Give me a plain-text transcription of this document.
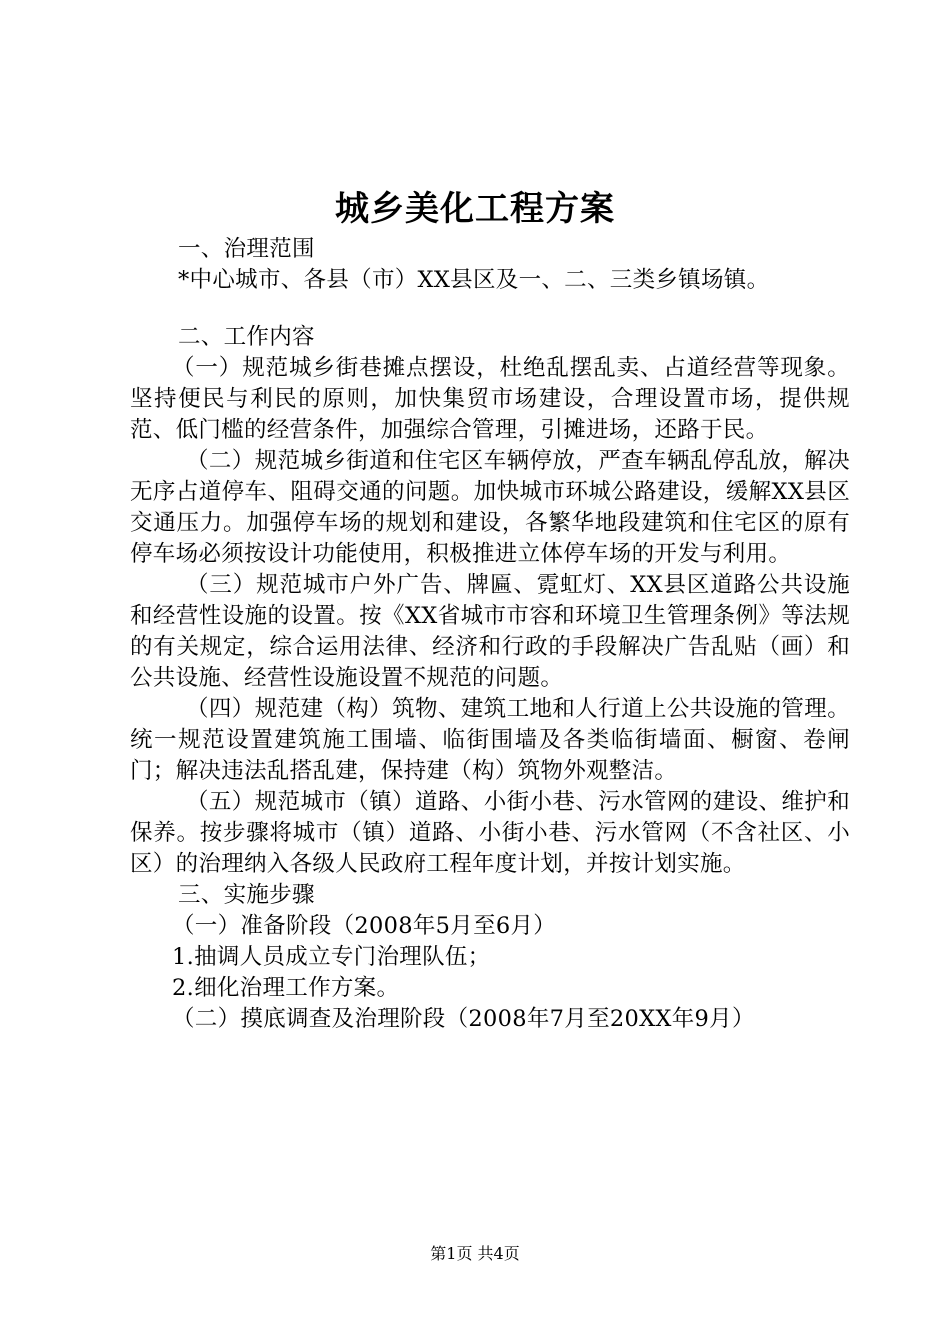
城乡美化工程方案

一、治理范围

*中心城市、各县（市）XX县区及一、二、三类乡镇场镇。

二、工作内容

（一）规范城乡街巷摊点摆设，杜绝乱摆乱卖、占道经营等现象。坚持便民与利民的原则，加快集贸市场建设，合理设置市场，提供规范、低门槛的经营条件，加强综合管理，引摊进场，还路于民。

（二）规范城乡街道和住宅区车辆停放，严查车辆乱停乱放，解决无序占道停车、阻碍交通的问题。加快城市环城公路建设，缓解XX县区交通压力。加强停车场的规划和建设，各繁华地段建筑和住宅区的原有停车场必须按设计功能使用，积极推进立体停车场的开发与利用。

（三）规范城市户外广告、牌匾、霓虹灯、XX县区道路公共设施和经营性设施的设置。按《XX省城市市容和环境卫生管理条例》等法规的有关规定，综合运用法律、经济和行政的手段解决广告乱贴（画）和公共设施、经营性设施设置不规范的问题。

（四）规范建（构）筑物、建筑工地和人行道上公共设施的管理。统一规范设置建筑施工围墙、临街围墙及各类临街墙面、橱窗、卷闸门；解决违法乱搭乱建，保持建（构）筑物外观整洁。

（五）规范城市（镇）道路、小街小巷、污水管网的建设、维护和保养。按步骤将城市（镇）道路、小街小巷、污水管网（不含社区、小区）的治理纳入各级人民政府工程年度计划，并按计划实施。

三、实施步骤

（一）准备阶段（2008年5月至6月）

1.抽调人员成立专门治理队伍；

2.细化治理工作方案。

（二）摸底调查及治理阶段（2008年7月至20XX年9月）

第1页 共4页
